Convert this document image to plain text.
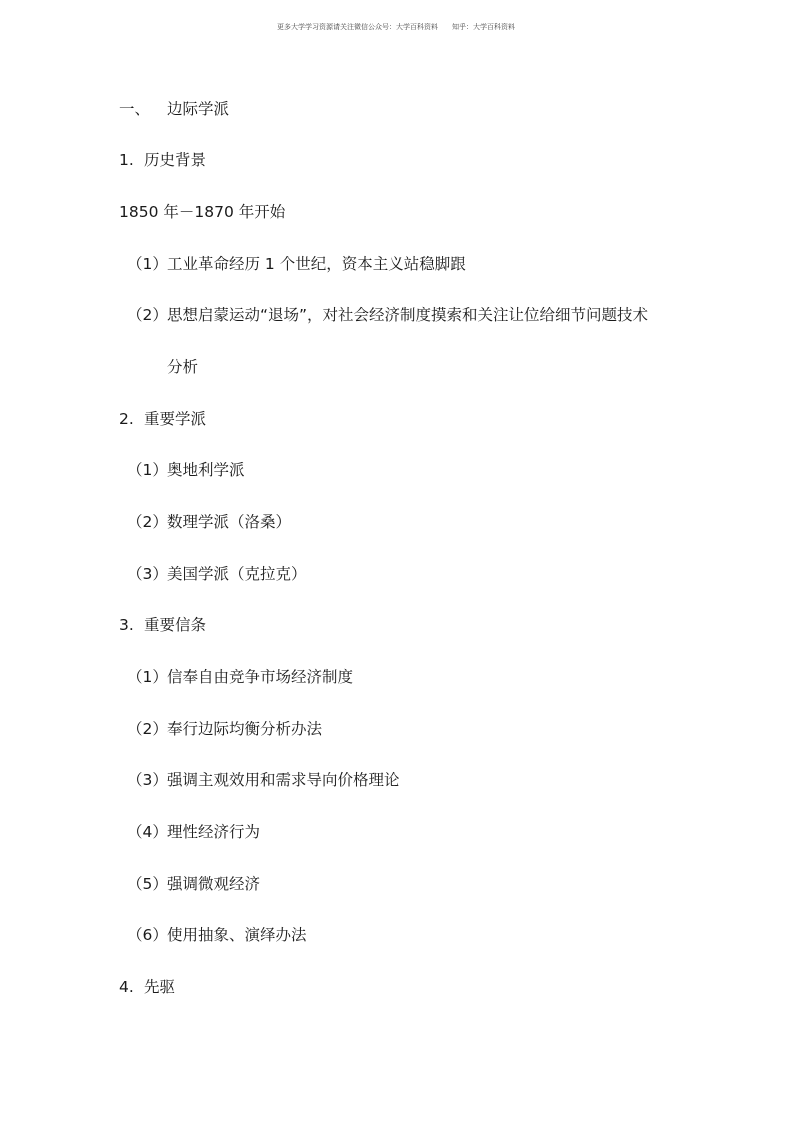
更多大学学习资源请关注微信公众号：大学百科资料 知乎：大学百科资料
一、 边际学派
1. 历史背景
1850 年－1870 年开始
（1）工业革命经历 1 个世纪，资本主义站稳脚跟
（2）思想启蒙运动“退场”，对社会经济制度摸索和关注让位给细节问题技术
分析
2. 重要学派
（1）奥地利学派
（2）数理学派（洛桑）
（3）美国学派（克拉克）
3. 重要信条
（1）信奉自由竞争市场经济制度
（2）奉行边际均衡分析办法
（3）强调主观效用和需求导向价格理论
（4）理性经济行为
（5）强调微观经济
（6）使用抽象、演绎办法
4. 先驱
